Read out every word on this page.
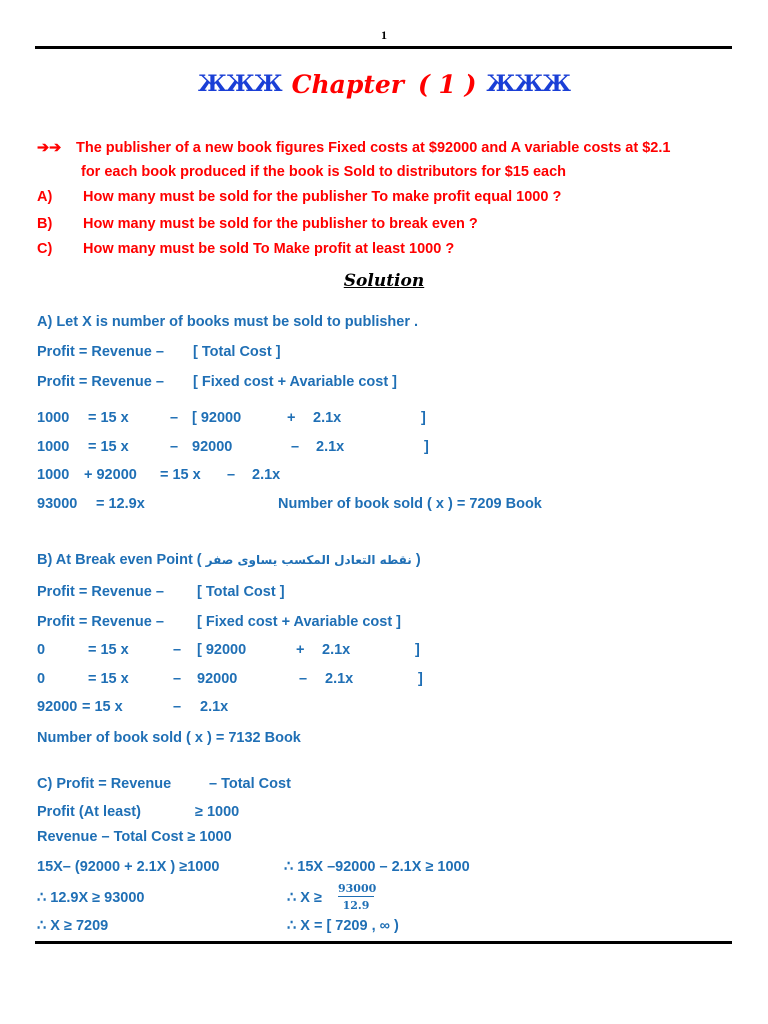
1
ЖЖЖ Chapter ( 1 ) ЖЖЖ
➔➔ The publisher of a new book figures Fixed costs at $92000 and A variable costs at $2.1
for each book produced if the book is Sold to distributors for $15 each
A) How many must be sold for the publisher To make profit equal 1000 ?
B) How many must be sold for the publisher to break even ?
C) How many must be sold To Make profit at least 1000 ?
Solution
A) Let X is number of books must be sold to publisher .
Profit = Revenue – [ Total Cost ]
Profit = Revenue – [ Fixed cost + Avariable cost ]
1000 = 15 x	– [ 92000	+ 2.1x	]
1000 = 15 x	– 92000	– 2.1x	]
1000 + 92000 = 15 x – 2.1x
93000 = 12.9x	Number of book sold ( x ) = 7209 Book
B) At Break even Point ( نقطه التعادل المكسب يساوى صفر )
Profit = Revenue – [ Total Cost ]
Profit = Revenue – [ Fixed cost + Avariable cost ]
0	= 15 x	– [ 92000	+ 2.1x	]
0	= 15 x	– 92000	– 2.1x	]
92000 = 15 x	– 2.1x
Number of book sold ( x ) = 7132 Book
C) Profit = Revenue	– Total Cost
Profit (At least)	≥ 1000
Revenue – Total Cost ≥ 1000
15X– (92000 + 2.1X ) ≥1000	∴ 15X –92000 – 2.1X ≥ 1000
∴ 12.9X ≥ 93000	∴ $X \ge \frac{93000}{12.9}$
∴ X ≥ 7209	∴ X = [ 7209 , ∞ )
